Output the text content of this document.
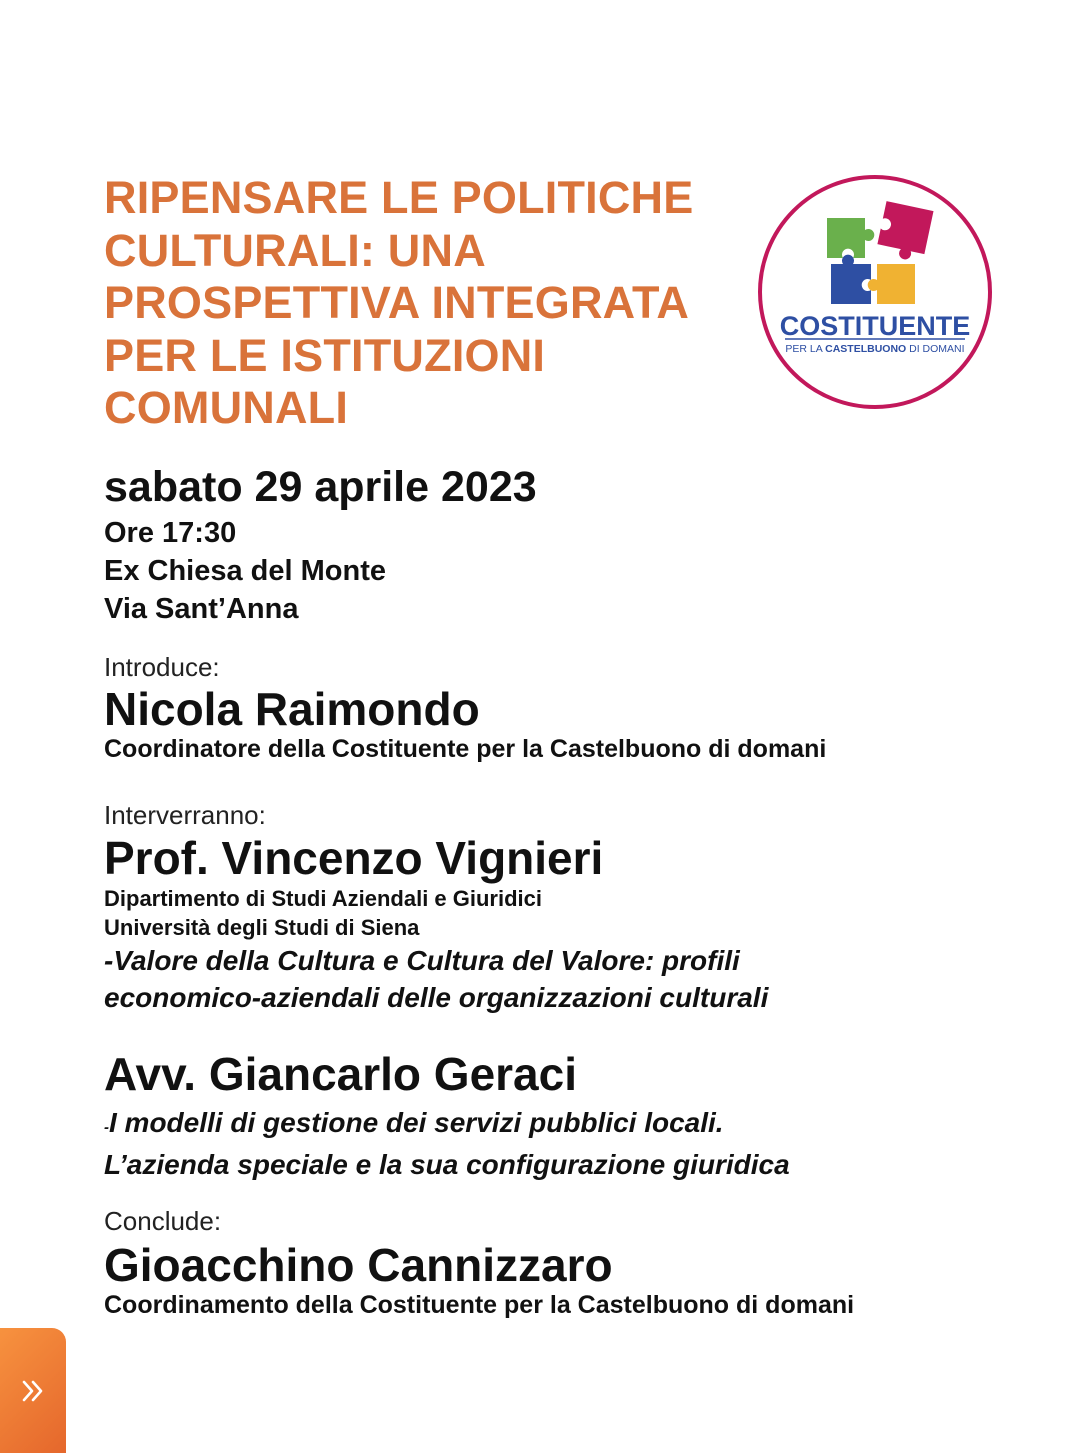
RIPENSARE LE POLITICHE
CULTURALI: UNA
PROSPETTIVA INTEGRATA
PER LE ISTITUZIONI
COMUNALI
COSTITUENTE
PER LA CASTELBUONO DI DOMANI
sabato 29 aprile 2023
Ore 17:30
Ex Chiesa del Monte
Via Sant’Anna
Introduce:
Nicola Raimondo
Coordinatore della Costituente per la Castelbuono di domani
Interverranno:
Prof. Vincenzo Vignieri
Dipartimento di Studi Aziendali e Giuridici
Università degli Studi di Siena
-Valore della Cultura e Cultura del Valore: profili
economico-aziendali delle organizzazioni culturali
Avv. Giancarlo Geraci
-I modelli di gestione dei servizi pubblici locali.
L’azienda speciale e la sua configurazione giuridica
Conclude:
Gioacchino Cannizzaro
Coordinamento della Costituente per la Castelbuono di domani
